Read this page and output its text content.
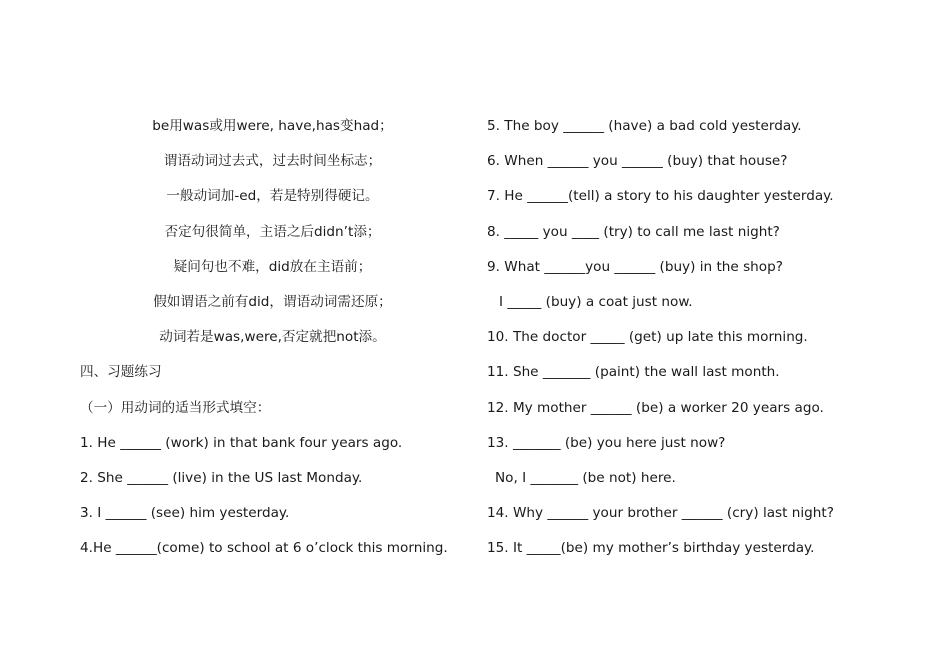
be用was或用were, have,has变had；
谓语动词过去式，过去时间坐标志；
一般动词加-ed，若是特别得硬记。
否定句很简单，主语之后didn’t添；
疑问句也不难，did放在主语前；
假如谓语之前有did，谓语动词需还原；
动词若是was,were,否定就把not添。
四、习题练习
（一）用动词的适当形式填空：
1. He ______ (work) in that bank four years ago.
2. She ______ (live) in the US last Monday.
3. I ______ (see) him yesterday.
4.He ______(come) to school at 6 o’clock this morning.
5. The boy ______ (have) a bad cold yesterday.
6. When ______ you ______ (buy) that house?
7. He ______(tell) a story to his daughter yesterday.
8. _____ you ____ (try) to call me last night?
9. What ______you ______ (buy) in the shop?
I _____ (buy) a coat just now.
10. The doctor _____ (get) up late this morning.
11. She _______ (paint) the wall last month.
12. My mother ______ (be) a worker 20 years ago.
13. _______ (be) you here just now?
No, I _______ (be not) here.
14. Why ______ your brother ______ (cry) last night?
15. It _____(be) my mother’s birthday yesterday.
